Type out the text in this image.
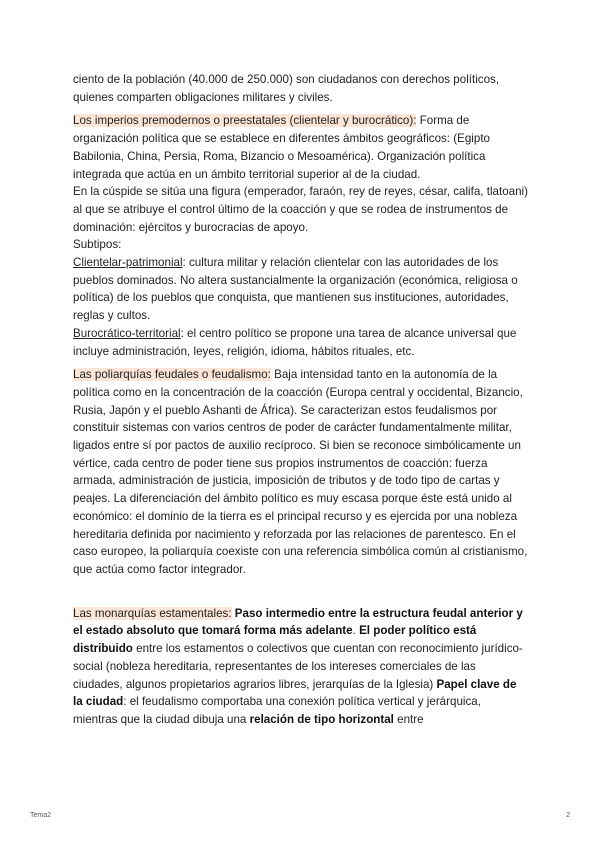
ciento de la población (40.000 de 250.000) son ciudadanos con derechos políticos, quienes comparten obligaciones militares y civiles.

Los imperios premodernos o preestatales (clientelar y burocrático): Forma de organización política que se establece en diferentes ámbitos geográficos: (Egipto Babilonia, China, Persia, Roma, Bizancio o Mesoamérica). Organización política integrada que actúa en un ámbito territorial superior al de la ciudad.

En la cúspide se sitúa una figura (emperador, faraón, rey de reyes, césar, califa, tlatoani) al que se atribuye el control último de la coacción y que se rodea de instrumentos de dominación: ejércitos y burocracias de apoyo.

Subtipos:

Clientelar-patrimonial: cultura militar y relación clientelar con las autoridades de los pueblos dominados. No altera sustancialmente la organización (económica, religiosa o política) de los pueblos que conquista, que mantienen sus instituciones, autoridades, reglas y cultos.

Burocrático-territorial: el centro político se propone una tarea de alcance universal que incluye administración, leyes, religión, idioma, hábitos rituales, etc.

Las poliarquías feudales o feudalismo: Baja intensidad tanto en la autonomía de la política como en la concentración de la coacción (Europa central y occidental, Bizancio, Rusia, Japón y el pueblo Ashanti de África). Se caracterizan estos feudalismos por constituir sistemas con varios centros de poder de carácter fundamentalmente militar, ligados entre sí por pactos de auxilio recíproco. Si bien se reconoce simbólicamente un vértice, cada centro de poder tiene sus propios instrumentos de coacción: fuerza armada, administración de justicia, imposición de tributos y de todo tipo de cartas y peajes. La diferenciación del ámbito político es muy escasa porque éste está unido al económico: el dominio de la tierra es el principal recurso y es ejercida por una nobleza hereditaria definida por nacimiento y reforzada por las relaciones de parentesco. En el caso europeo, la poliarquía coexiste con una referencia simbólica común al cristianismo, que actúa como factor integrador.

Las monarquías estamentales: Paso intermedio entre la estructura feudal anterior y el estado absoluto que tomará forma más adelante. El poder político está distribuido entre los estamentos o colectivos que cuentan con reconocimiento jurídico-social (nobleza hereditaria, representantes de los intereses comerciales de las ciudades, algunos propietarios agrarios libres, jerarquías de la Iglesia) Papel clave de la ciudad: el feudalismo comportaba una conexión política vertical y jerárquica, mientras que la ciudad dibuja una relación de tipo horizontal entre

Tema2	2
